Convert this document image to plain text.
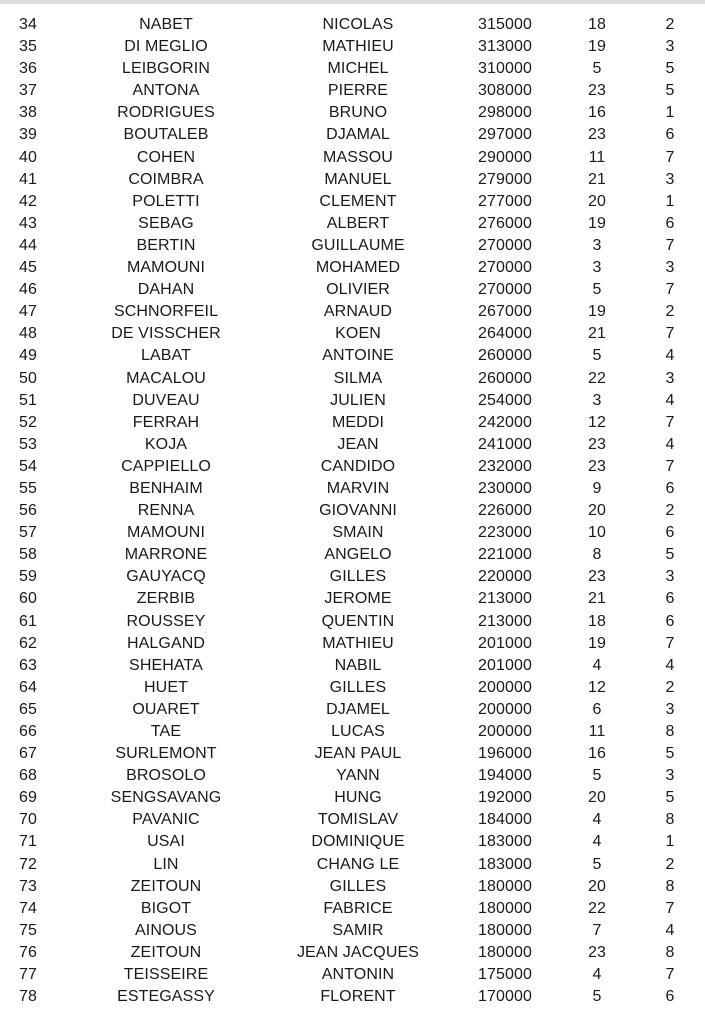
34	NABET	NICOLAS	315000	18	2
35	DI MEGLIO	MATHIEU	313000	19	3
36	LEIBGORIN	MICHEL	310000	5	5
37	ANTONA	PIERRE	308000	23	5
38	RODRIGUES	BRUNO	298000	16	1
39	BOUTALEB	DJAMAL	297000	23	6
40	COHEN	MASSOU	290000	11	7
41	COIMBRA	MANUEL	279000	21	3
42	POLETTI	CLEMENT	277000	20	1
43	SEBAG	ALBERT	276000	19	6
44	BERTIN	GUILLAUME	270000	3	7
45	MAMOUNI	MOHAMED	270000	3	3
46	DAHAN	OLIVIER	270000	5	7
47	SCHNORFEIL	ARNAUD	267000	19	2
48	DE VISSCHER	KOEN	264000	21	7
49	LABAT	ANTOINE	260000	5	4
50	MACALOU	SILMA	260000	22	3
51	DUVEAU	JULIEN	254000	3	4
52	FERRAH	MEDDI	242000	12	7
53	KOJA	JEAN	241000	23	4
54	CAPPIELLO	CANDIDO	232000	23	7
55	BENHAIM	MARVIN	230000	9	6
56	RENNA	GIOVANNI	226000	20	2
57	MAMOUNI	SMAIN	223000	10	6
58	MARRONE	ANGELO	221000	8	5
59	GAUYACQ	GILLES	220000	23	3
60	ZERBIB	JEROME	213000	21	6
61	ROUSSEY	QUENTIN	213000	18	6
62	HALGAND	MATHIEU	201000	19	7
63	SHEHATA	NABIL	201000	4	4
64	HUET	GILLES	200000	12	2
65	OUARET	DJAMEL	200000	6	3
66	TAE	LUCAS	200000	11	8
67	SURLEMONT	JEAN PAUL	196000	16	5
68	BROSOLO	YANN	194000	5	3
69	SENGSAVANG	HUNG	192000	20	5
70	PAVANIC	TOMISLAV	184000	4	8
71	USAI	DOMINIQUE	183000	4	1
72	LIN	CHANG LE	183000	5	2
73	ZEITOUN	GILLES	180000	20	8
74	BIGOT	FABRICE	180000	22	7
75	AINOUS	SAMIR	180000	7	4
76	ZEITOUN	JEAN JACQUES	180000	23	8
77	TEISSEIRE	ANTONIN	175000	4	7
78	ESTEGASSY	FLORENT	170000	5	6
